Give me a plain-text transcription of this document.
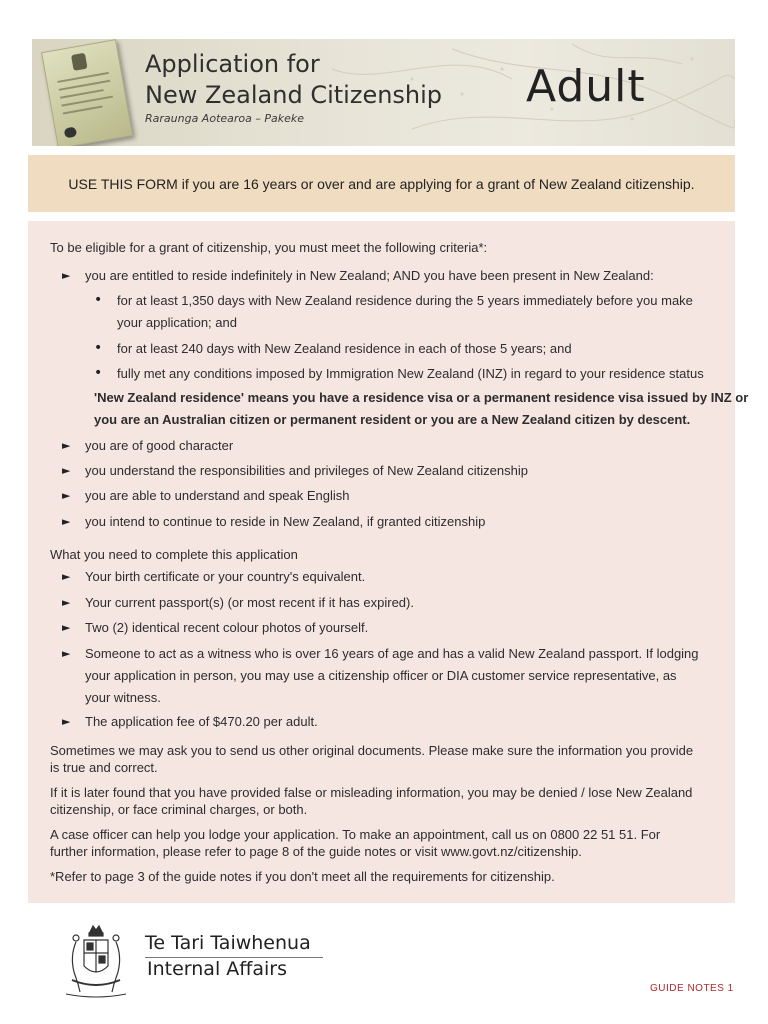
Application for
New Zealand Citizenship
Raraunga Aotearoa – Pakeke
Adult
USE THIS FORM if you are 16 years or over and are applying for a grant of New Zealand citizenship.
To be eligible for a grant of citizenship, you must meet the following criteria*:
► you are entitled to reside indefinitely in New Zealand; AND you have been present in New Zealand:
• for at least 1,350 days with New Zealand residence during the 5 years immediately before you make
your application; and
• for at least 240 days with New Zealand residence in each of those 5 years; and
• fully met any conditions imposed by Immigration New Zealand (INZ) in regard to your residence status
'New Zealand residence' means you have a residence visa or a permanent residence visa issued by INZ or
you are an Australian citizen or permanent resident or you are a New Zealand citizen by descent.
► you are of good character
► you understand the responsibilities and privileges of New Zealand citizenship
► you are able to understand and speak English
► you intend to continue to reside in New Zealand, if granted citizenship
What you need to complete this application
► Your birth certificate or your country's equivalent.
► Your current passport(s) (or most recent if it has expired).
► Two (2) identical recent colour photos of yourself.
► Someone to act as a witness who is over 16 years of age and has a valid New Zealand passport. If lodging
your application in person, you may use a citizenship officer or DIA customer service representative, as
your witness.
► The application fee of $470.20 per adult.
Sometimes we may ask you to send us other original documents. Please make sure the information you provide
is true and correct.
If it is later found that you have provided false or misleading information, you may be denied / lose New Zealand
citizenship, or face criminal charges, or both.
A case officer can help you lodge your application. To make an appointment, call us on 0800 22 51 51. For
further information, please refer to page 8 of the guide notes or visit www.govt.nz/citizenship.
*Refer to page 3 of the guide notes if you don't meet all the requirements for citizenship.
Te Tari Taiwhenua
Internal Affairs
GUIDE NOTES 1
